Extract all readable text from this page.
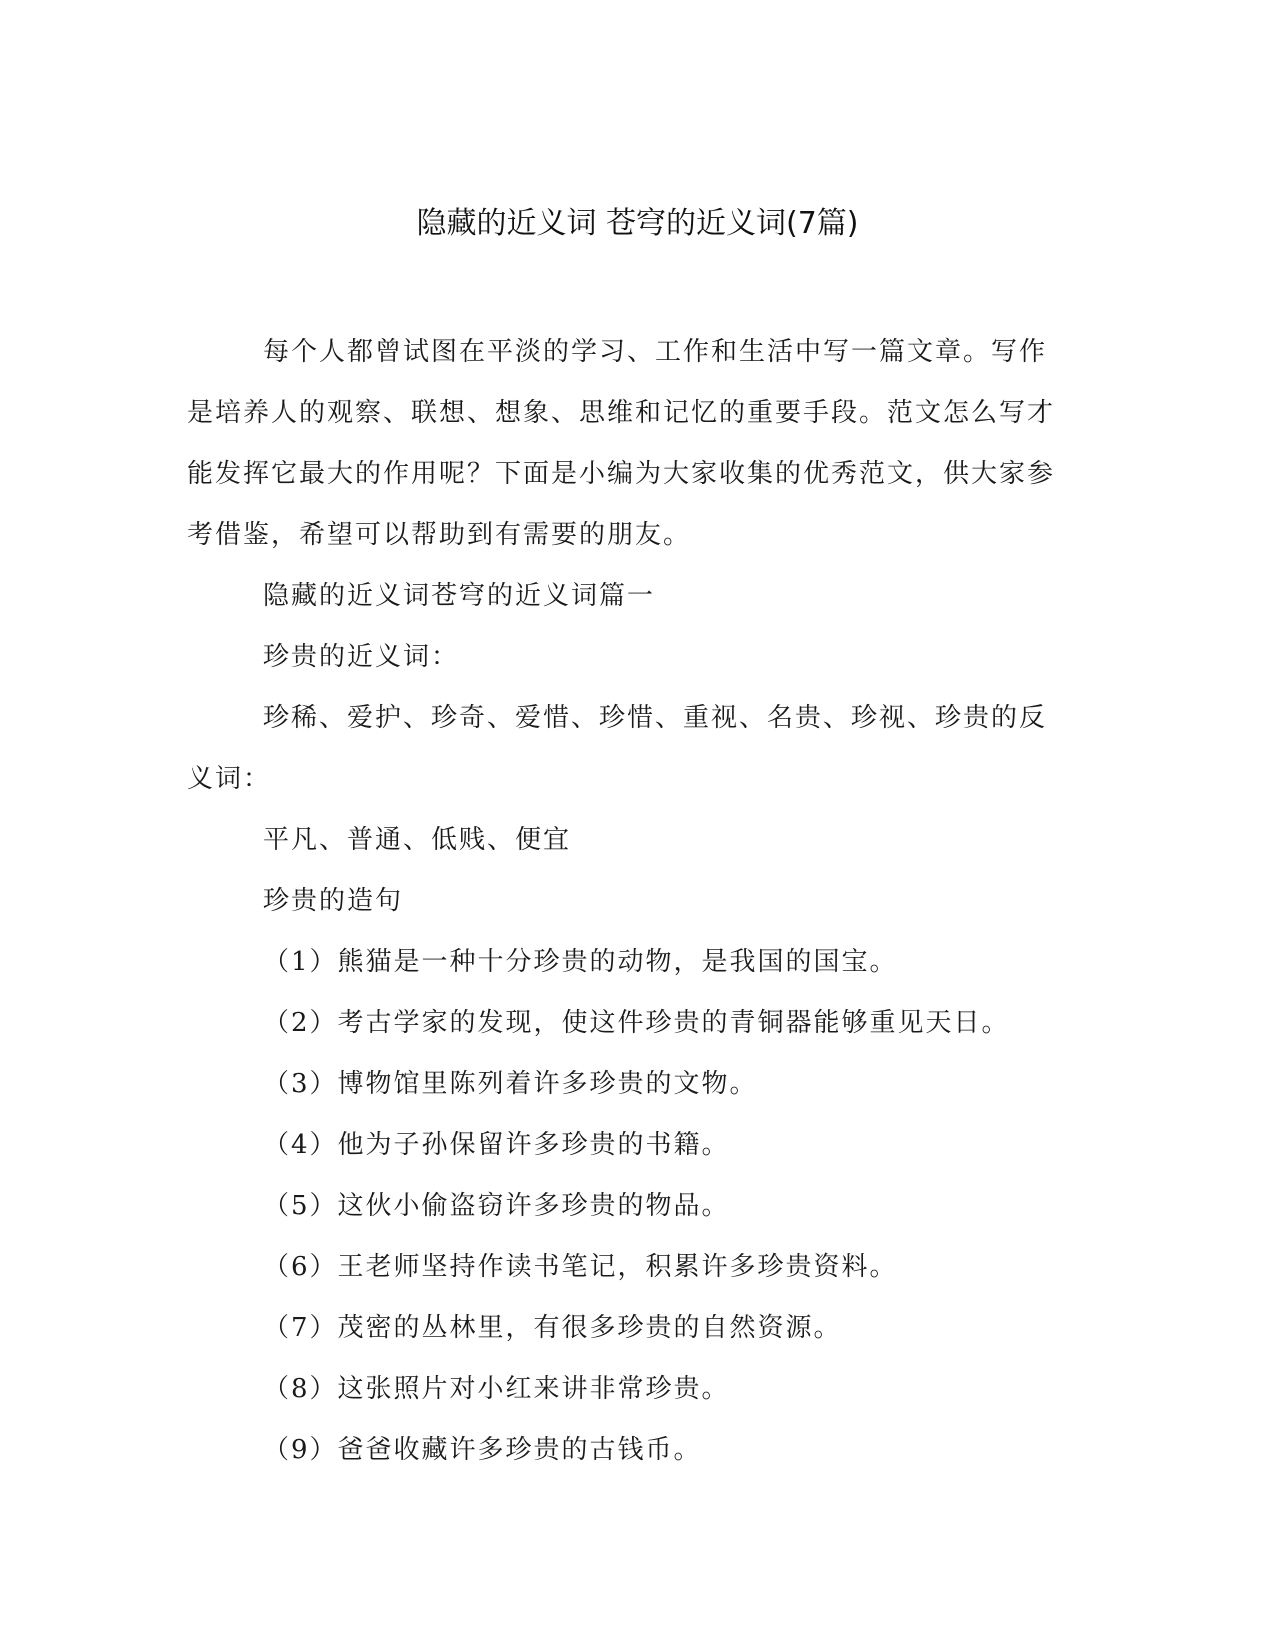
隐藏的近义词 苍穹的近义词(7篇)

每个人都曾试图在平淡的学习、工作和生活中写一篇文章。写作是培养人的观察、联想、想象、思维和记忆的重要手段。范文怎么写才能发挥它最大的作用呢？下面是小编为大家收集的优秀范文，供大家参考借鉴，希望可以帮助到有需要的朋友。

隐藏的近义词苍穹的近义词篇一

珍贵的近义词：

珍稀、爱护、珍奇、爱惜、珍惜、重视、名贵、珍视、珍贵的反义词：

平凡、普通、低贱、便宜

珍贵的造句

（1）熊猫是一种十分珍贵的动物，是我国的国宝。

（2）考古学家的发现，使这件珍贵的青铜器能够重见天日。

（3）博物馆里陈列着许多珍贵的文物。

（4）他为子孙保留许多珍贵的书籍。

（5）这伙小偷盗窃许多珍贵的物品。

（6）王老师坚持作读书笔记，积累许多珍贵资料。

（7）茂密的丛林里，有很多珍贵的自然资源。

（8）这张照片对小红来讲非常珍贵。

（9）爸爸收藏许多珍贵的古钱币。
